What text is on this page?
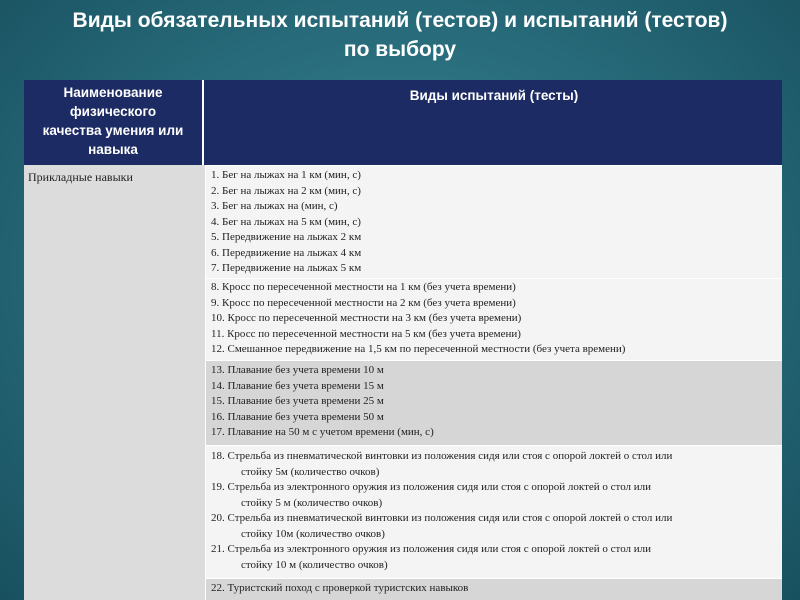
Виды обязательных испытаний (тестов) и испытаний (тестов)
по выбору
Наименование
физического
качества умения или
навыка
Виды испытаний (тесты)
Прикладные навыки	1. Бег на лыжах на 1 км (мин, с)
2. Бег на лыжах на 2 км (мин, с)
3. Бег на лыжах на (мин, с)
4. Бег на лыжах на 5 км (мин, с)
5. Передвижение на лыжах 2 км
6. Передвижение на лыжах 4 км
7. Передвижение на лыжах 5 км
8. Кросс по пересеченной местности на 1 км (без учета времени)
9. Кросс по пересеченной местности на 2 км (без учета времени)
10. Кросс по пересеченной местности на 3 км (без учета времени)
11. Кросс по пересеченной местности на 5 км (без учета времени)
12. Смешанное передвижение на 1,5 км по пересеченной местности (без учета времени)
13. Плавание без учета времени 10 м
14. Плавание без учета времени 15 м
15. Плавание без учета времени 25 м
16. Плавание без учета времени 50 м
17. Плавание на 50 м с учетом времени (мин, с)
18. Стрельба из пневматической винтовки из положения сидя или стоя с опорой локтей о стол или
стойку 5м (количество очков)
19. Стрельба из электронного оружия из положения сидя или стоя с опорой локтей о стол или
стойку 5 м (количество очков)
20. Стрельба из пневматической винтовки из положения сидя или стоя с опорой локтей о стол или
стойку 10м (количество очков)
21. Стрельба из электронного оружия из положения сидя или стоя с опорой локтей о стол или
стойку 10 м (количество очков)
22. Туристский поход с проверкой туристских навыков
